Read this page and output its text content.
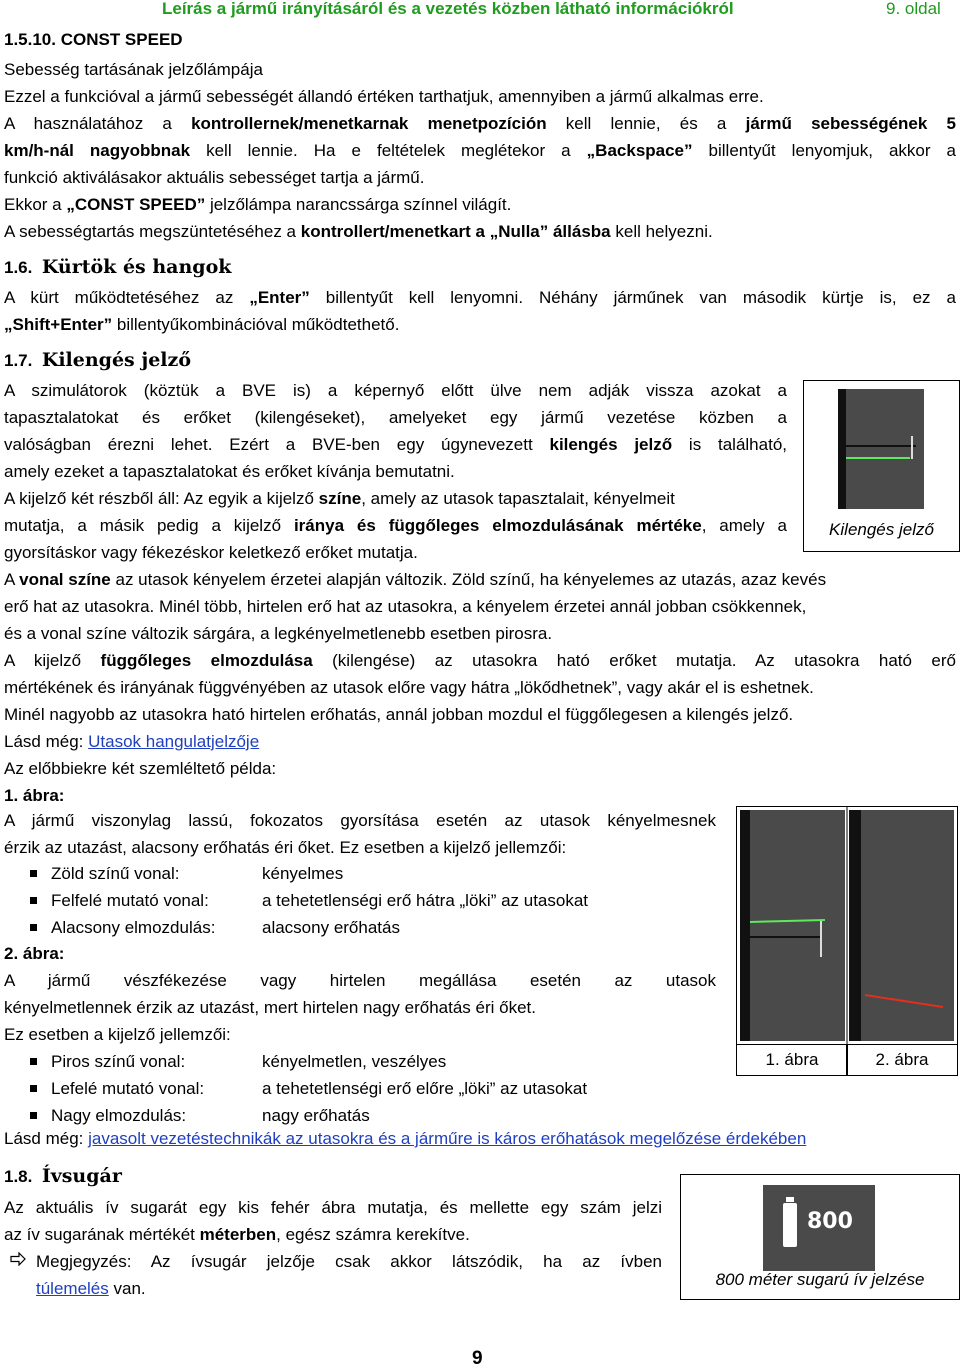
Leírás a jármű irányításáról és a vezetés közben látható információkról	9. oldal
1.5.10. CONST SPEED
Sebesség tartásának jelzőlámpája
Ezzel a funkcióval a jármű sebességét állandó értéken tarthatjuk, amennyiben a jármű alkalmas erre.
A használatához a kontrollernek/menetkarnak menetpozíción kell lennie, és a jármű sebességének 5
km/h-nál nagyobbnak kell lennie. Ha e feltételek meglétekor a „Backspace” billentyűt lenyomjuk, akkor a
funkció aktiválásakor aktuális sebességet tartja a jármű.
Ekkor a „CONST SPEED” jelzőlámpa narancssárga színnel világít.
A sebességtartás megszüntetéséhez a kontrollert/menetkart a „Nulla” állásba kell helyezni.
1.6. Kürtök és hangok
A kürt működtetéséhez az „Enter” billentyűt kell lenyomni. Néhány járműnek van második kürtje is, ez a
„Shift+Enter” billentyűkombinációval működtethető.
1.7. Kilengés jelző
A szimulátorok (köztük a BVE is) a képernyő előtt ülve nem adják vissza azokat a
tapasztalatokat és erőket (kilengéseket), amelyeket egy jármű vezetése közben a
valóságban érezni lehet. Ezért a BVE-ben egy úgynevezett kilengés jelző is található,
amely ezeket a tapasztalatokat és erőket kívánja bemutatni.
A kijelző két részből áll: Az egyik a kijelző színe, amely az utasok tapasztalait, kényelmeit
mutatja, a másik pedig a kijelző iránya és függőleges elmozdulásának mértéke, amely a
gyorsításkor vagy fékezéskor keletkező erőket mutatja.
Kilengés jelző
A vonal színe az utasok kényelem érzetei alapján változik. Zöld színű, ha kényelemes az utazás, azaz kevés
erő hat az utasokra. Minél több, hirtelen erő hat az utasokra, a kényelem érzetei annál jobban csökkennek,
és a vonal színe változik sárgára, a legkényelmetlenebb esetben pirosra.
A kijelző függőleges elmozdulása (kilengése) az utasokra ható erőket mutatja. Az utasokra ható erő
mértékének és irányának függvényében az utasok előre vagy hátra „lökődhetnek”, vagy akár el is eshetnek.
Minél nagyobb az utasokra ható hirtelen erőhatás, annál jobban mozdul el függőlegesen a kilengés jelző.
Lásd még: Utasok hangulatjelzője
Az előbbiekre két szemléltető példa:
1. ábra:
A jármű viszonylag lassú, fokozatos gyorsítása esetén az utasok kényelmesnek
érzik az utazást, alacsony erőhatás éri őket. Ez esetben a kijelző jellemzői:
Zöld színű vonal:	kényelmes
Felfelé mutató vonal:	a tehetetlenségi erő hátra „löki” az utasokat
Alacsony elmozdulás:	alacsony erőhatás
2. ábra:
A jármű vészfékezése vagy hirtelen megállása esetén az utasok
kényelmetlennek érzik az utazást, mert hirtelen nagy erőhatás éri őket.
Ez esetben a kijelző jellemzői:
Piros színű vonal:	kényelmetlen, veszélyes
Lefelé mutató vonal:	a tehetetlenségi erő előre „löki” az utasokat
Nagy elmozdulás:	nagy erőhatás
1. ábra	2. ábra
Lásd még: javasolt vezetéstechnikák az utasokra és a járműre is káros erőhatások megelőzése érdekében
1.8. Ívsugár
Az aktuális ív sugarát egy kis fehér ábra mutatja, és mellette egy szám jelzi
az ív sugarának mértékét méterben, egész számra kerekítve.
Megjegyzés: Az ívsugár jelzője csak akkor látszódik, ha az ívben
túlemelés van.
800
800 méter sugarú ív jelzése
9
